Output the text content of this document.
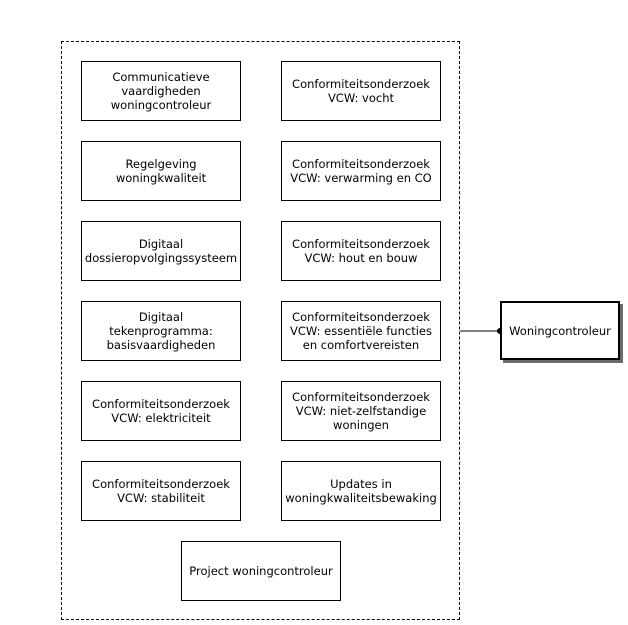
Communicatieve
vaardigheden
woningcontroleur
Regelgeving
woningkwaliteit
Digitaal
dossieropvolgingssysteem
Digitaal
tekenprogramma:
basisvaardigheden
Conformiteitsonderzoek
VCW: elektriciteit
Conformiteitsonderzoek
VCW: stabiliteit
Conformiteitsonderzoek
VCW: vocht
Conformiteitsonderzoek
VCW: verwarming en CO
Conformiteitsonderzoek
VCW: hout en bouw
Conformiteitsonderzoek
VCW: essentiële functies
en comfortvereisten
Conformiteitsonderzoek
VCW: niet-zelfstandige
woningen
Updates in
woningkwaliteitsbewaking
Project woningcontroleur
Woningcontroleur
